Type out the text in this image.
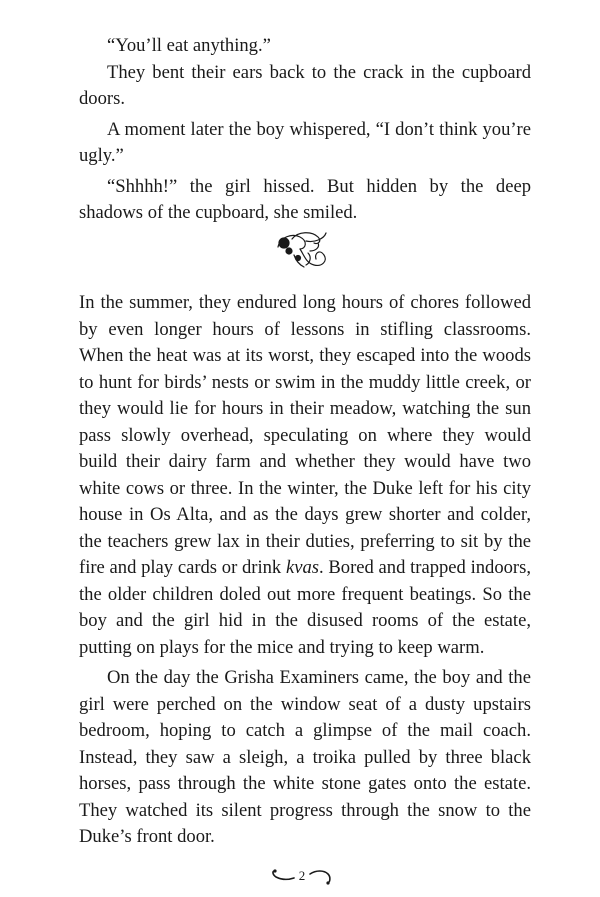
“You’ll eat anything.”

They bent their ears back to the crack in the cupboard doors.

A moment later the boy whispered, “I don’t think you’re ugly.”

“Shhhh!” the girl hissed. But hidden by the deep shadows of the cupboard, she smiled.

In the summer, they endured long hours of chores followed by even longer hours of lessons in stifling classrooms. When the heat was at its worst, they escaped into the woods to hunt for birds’ nests or swim in the muddy little creek, or they would lie for hours in their meadow, watching the sun pass slowly overhead, speculating on where they would build their dairy farm and whether they would have two white cows or three. In the winter, the Duke left for his city house in Os Alta, and as the days grew shorter and colder, the teachers grew lax in their duties, preferring to sit by the fire and play cards or drink kvas. Bored and trapped indoors, the older children doled out more frequent beatings. So the boy and the girl hid in the disused rooms of the estate, putting on plays for the mice and trying to keep warm.

On the day the Grisha Examiners came, the boy and the girl were perched on the window seat of a dusty upstairs bedroom, hoping to catch a glimpse of the mail coach. Instead, they saw a sleigh, a troika pulled by three black horses, pass through the white stone gates onto the estate. They watched its silent progress through the snow to the Duke’s front door.

2
